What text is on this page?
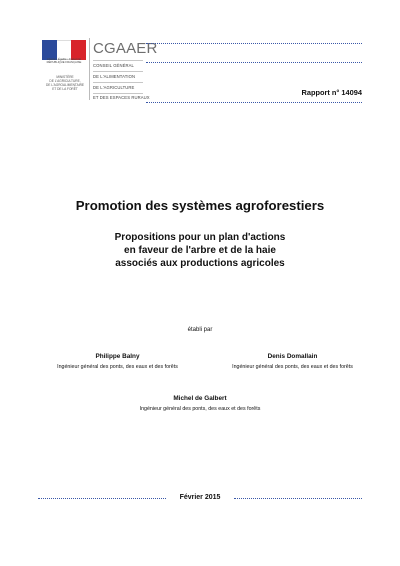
Liberté • Égalité • Fraternité
RÉPUBLIQUE FRANÇAISE
MINISTÈRE
DE L'AGRICULTURE,
DE L'AGROALIMENTAIRE
ET DE LA FORÊT
CGAAER
CONSEIL GÉNÉRAL
DE L'ALIMENTATION
DE L'AGRICULTURE
ET DES ESPACES RURAUX
Rapport n° 14094
Promotion des systèmes agroforestiers
Propositions pour un plan d'actions
en faveur de l'arbre et de la haie
associés aux productions agricoles
établi par
Philippe Balny
Ingénieur général des ponts, des eaux et des forêts
Denis Domallain
Ingénieur général des ponts, des eaux et des forêts
Michel de Galbert
Ingénieur général des ponts, des eaux et des forêts
Février 2015
